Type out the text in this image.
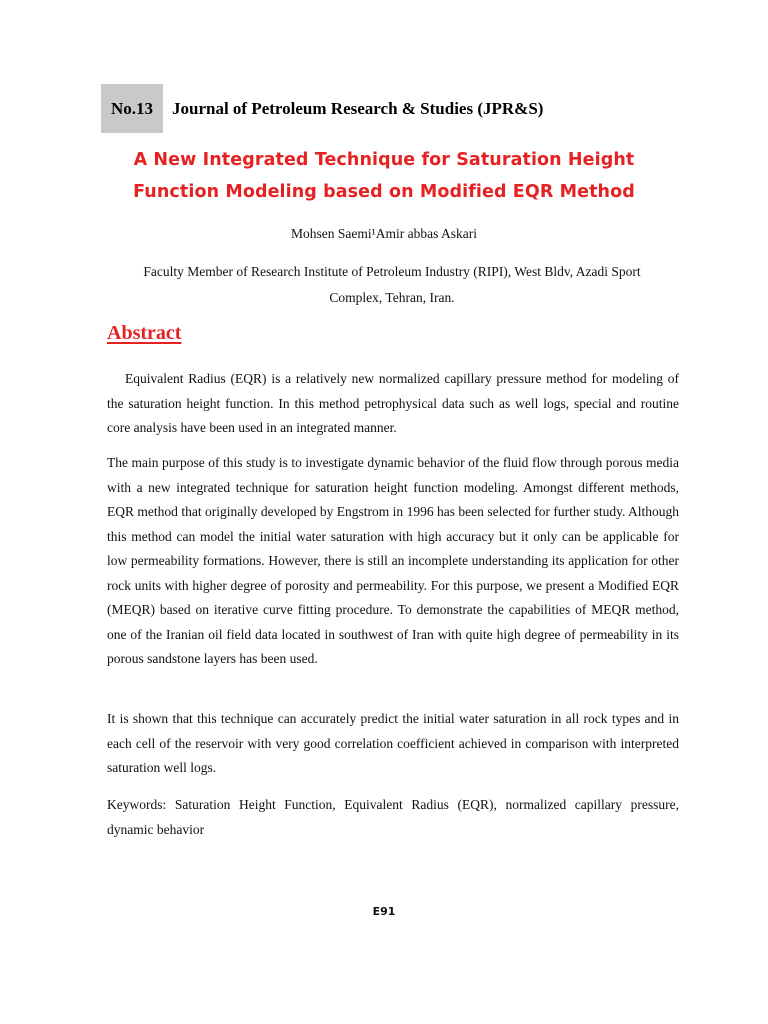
No.13	Journal of Petroleum Research & Studies (JPR&S)
A New Integrated Technique for Saturation Height
Function Modeling based on Modified EQR Method
Mohsen Saemi¹Amir abbas Askari
Faculty Member of Research Institute of Petroleum Industry (RIPI), West Bldv, Azadi Sport
Complex, Tehran, Iran.
Abstract
Equivalent Radius (EQR) is a relatively new normalized capillary pressure method for modeling of the saturation height function. In this method petrophysical data such as well logs, special and routine core analysis have been used in an integrated manner.
The main purpose of this study is to investigate dynamic behavior of the fluid flow through porous media with a new integrated technique for saturation height function modeling. Amongst different methods, EQR method that originally developed by Engstrom in 1996 has been selected for further study. Although this method can model the initial water saturation with high accuracy but it only can be applicable for low permeability formations. However, there is still an incomplete understanding its application for other rock units with higher degree of porosity and permeability. For this purpose, we present a Modified EQR (MEQR) based on iterative curve fitting procedure. To demonstrate the capabilities of MEQR method, one of the Iranian oil field data located in southwest of Iran with quite high degree of permeability in its porous sandstone layers has been used.
It is shown that this technique can accurately predict the initial water saturation in all rock types and in each cell of the reservoir with very good correlation coefficient achieved in comparison with interpreted saturation well logs.
Keywords: Saturation Height Function, Equivalent Radius (EQR), normalized capillary pressure, dynamic behavior
E91
